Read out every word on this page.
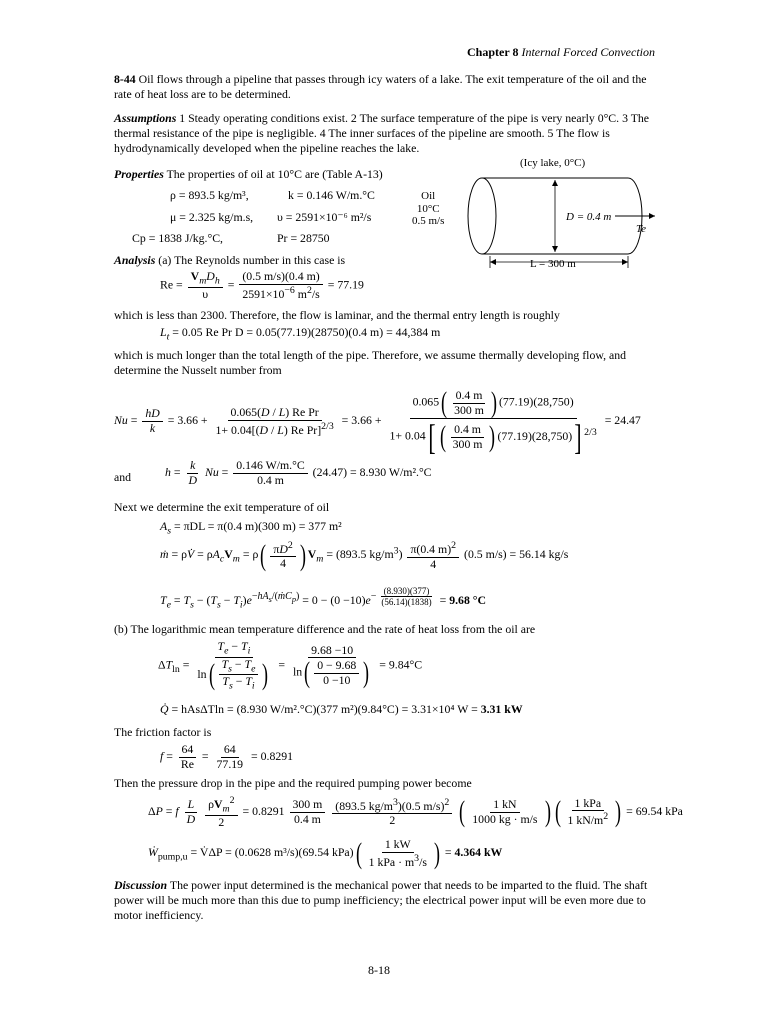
Chapter 8 Internal Forced Convection
8-44 Oil flows through a pipeline that passes through icy waters of a lake. The exit temperature of the oil and the rate of heat loss are to be determined.
Assumptions 1 Steady operating conditions exist. 2 The surface temperature of the pipe is very nearly 0°C. 3 The thermal resistance of the pipe is negligible. 4 The inner surfaces of the pipeline are smooth. 5 The flow is hydrodynamically developed when the pipeline reaches the lake.
Properties The properties of oil at 10°C are (Table A-13)
ρ = 893.5 kg/m³,	k = 0.146 W/m.°C
μ = 2.325 kg/m.s, υ = 2591×10⁻⁶ m²/s
Cp = 1838 J/kg.°C,	Pr = 28750
(Icy lake, 0°C)
Oil
10°C
0.5 m/s	D = 0.4 m
Te
L = 300 m
Analysis (a) The Reynolds number in this case is
Re =
$V_mD_h$
υ
= $\frac{(0.5 m/s)(0.4 m)}{2591\times 10^{-6} m^2/s} = 77.19$
which is less than 2300. Therefore, the flow is laminar, and the thermal entry length is roughly
$L_t = 0.05$ Re Pr D = 0.05(77.19)(28750)(0.4 m) = 44,384 m
which is much longer than the total length of the pipe. Therefore, we assume thermally developing flow, and determine the Nusselt number from
$Nu = \frac{hD}{k} = 3.66 + \frac{\text{0.065(D / L) Re Pr}}{1+ 0.04[(D / L) Re Pr]^{2/3}} = 3.66 + 0.065$ ( 0.4 m
300 m ) (77.19)(28,750)
1+ 0.04 [ ( 0.4 m
300 m ) (77.19)(28,750) ] $^{2/3}$ = 24.47
and	$h = \frac{k}{D}$ $Nu = \frac{0.146 W/m.^\circ C}{0.4 m} (24.47) = 8.930$ W/m².°C
Next we determine the exit temperature of oil
$A_s = \pi DL = \pi(0.4$ m)(300 m) = 377 m²
ṁ = ρV̇ = $\rho A_cV_m = \rho$ ( $\pi D^2$
4 ) $V_m = (893.5$ $kg/m^3) \frac{\pi(0.4 m)^2}{4} (0.5$ m/s) = 56.14 kg/s
$T_e = T_s - (T_s - T_i)e^{-hA_s/(ṁC_p)} = 0 - (0 -10)e^{- \frac{(8.930)(377)}{(56.14)(1838)}} = 9.68$ °C
(b) The logarithmic mean temperature difference and the rate of heat loss from the oil are
$\Delta T_{ln}$ =
$T_e - T_i$
ln ( $T_s - T_e$
$T_s - T_i$ ) = 9.68 −10
ln ( 0 − 9.68
0 −10 ) = 9.84°C
Q̇ = hAsΔTln = (8.930 W/m².°C)(377 m²)(9.84°C) = 3.31×10⁴ W = 3.31 kW
The friction factor is
$f = \frac{64}{Re} = \frac{64}{77.19} = 0.8291$
Then the pressure drop in the pipe and the required pumping power become
ΔP = f $\frac{L}{D}$
$\rho V_m^2$
2
= $0.8291 \frac{300 m}{0.4 m}$
$\frac{(893.5 kg/m^3)(0.5 m/s)^2}{2}$
( 1 kN
1000 kg · m/s ) ( 1 kPa
1 $kN/m^2$ ) = 69.54 kPa
Ẇ$_{pump,u}$ = V̇ΔP = (0.0628 m³/s)(69.54 kPa) ( 1 kW
1 kPa · $m^3/s$ ) = 4.364 kW
Discussion The power input determined is the mechanical power that needs to be imparted to the fluid. The shaft power will be much more than this due to pump inefficiency; the electrical power input will be even more due to motor inefficiency.
8-18
